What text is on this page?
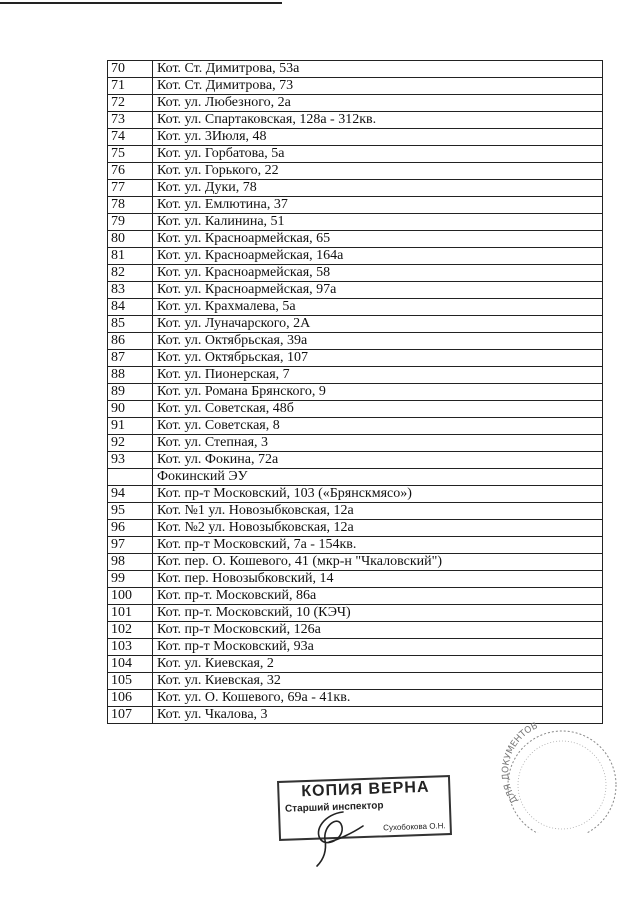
70	Кот. Ст. Димитрова, 53а
71	Кот. Ст. Димитрова, 73
72	Кот. ул. Любезного, 2а
73	Кот. ул. Спартаковская, 128а - 312кв.
74	Кот. ул. 3Июля, 48
75	Кот. ул. Горбатова, 5а
76	Кот. ул. Горького, 22
77	Кот. ул. Дуки, 78
78	Кот. ул. Емлютина, 37
79	Кот. ул. Калинина, 51
80	Кот. ул. Красноармейская, 65
81	Кот. ул. Красноармейская, 164а
82	Кот. ул. Красноармейская, 58
83	Кот. ул. Красноармейская, 97а
84	Кот. ул. Крахмалева, 5а
85	Кот. ул. Луначарского, 2А
86	Кот. ул. Октябрьская, 39а
87	Кот. ул. Октябрьская, 107
88	Кот. ул. Пионерская, 7
89	Кот. ул. Романа Брянского, 9
90	Кот. ул. Советская, 48б
91	Кот. ул. Советская, 8
92	Кот. ул. Степная, 3
93	Кот. ул. Фокина, 72а
	Фокинский ЭУ
94	Кот. пр-т Московский, 103 («Брянскмясо»)
95	Кот. №1 ул. Новозыбковская, 12а
96	Кот. №2 ул. Новозыбковская, 12а
97	Кот. пр-т Московский, 7а - 154кв.
98	Кот. пер. О. Кошевого, 41 (мкр-н "Чкаловский")
99	Кот. пер. Новозыбковский, 14
100	Кот. пр-т. Московский, 86а
101	Кот. пр-т. Московский, 10 (КЭЧ)
102	Кот. пр-т Московский, 126а
103	Кот. пр-т Московский, 93а
104	Кот. ул. Киевская, 2
105	Кот. ул. Киевская, 32
106	Кот. ул. О. Кошевого, 69а - 41кв.
107	Кот. ул. Чкалова, 3
КОПИЯ ВЕРНА
Старший инспектор
Сухобокова О.Н.
ДЛЯ ДОКУМЕНТОВ
